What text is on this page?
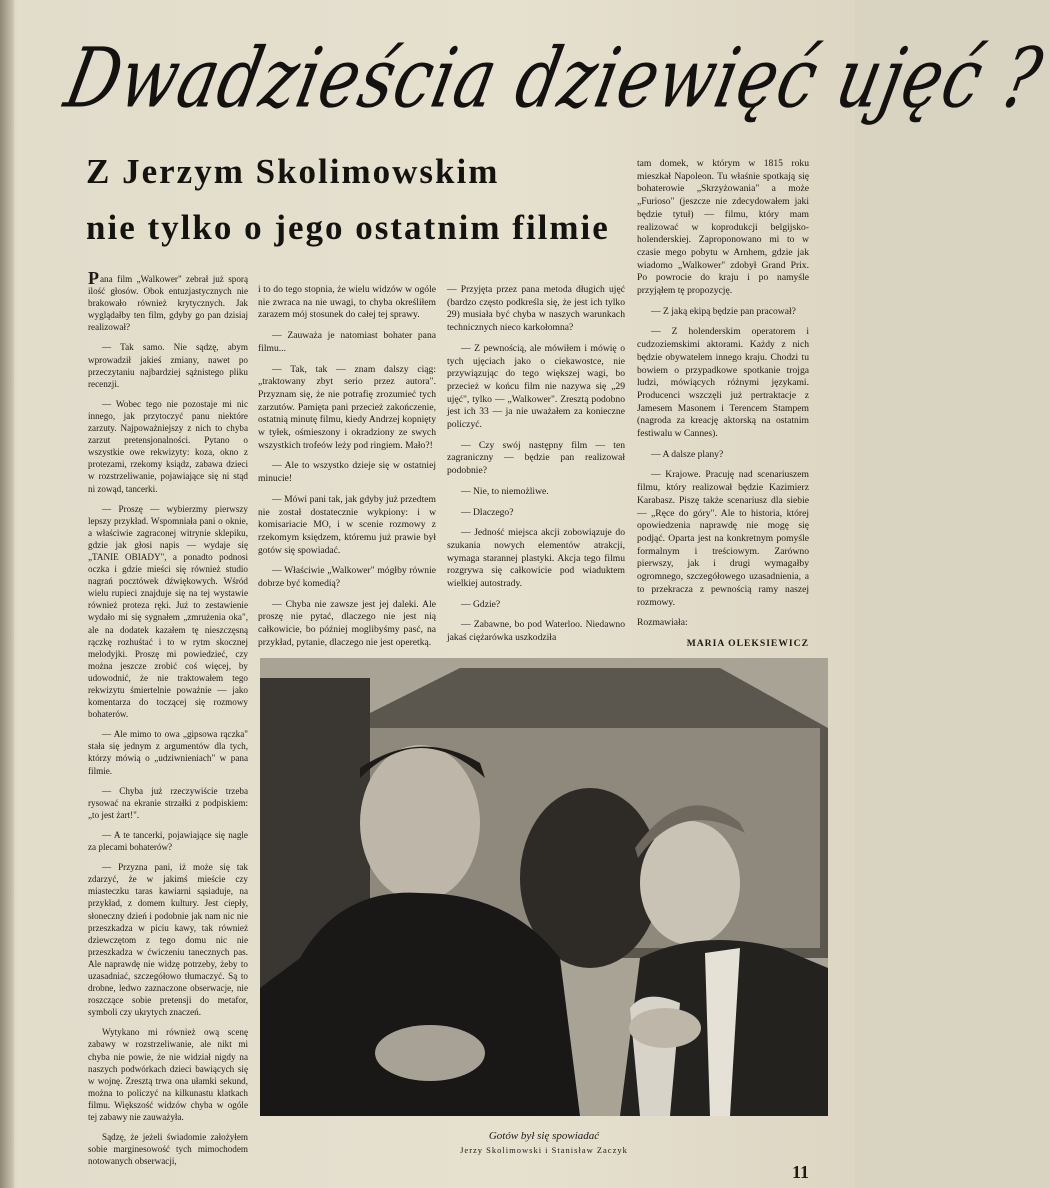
Dwadzieścia dziewięć ujęć ?
Z Jerzym Skolimowskim
nie tylko o jego ostatnim filmie

Pana film „Walkower" zebrał już sporą ilość głosów. Obok entuzjastycznych nie brakowało również krytycznych. Jak wyglądałby ten film, gdyby go pan dzisiaj realizował?

— Tak samo. Nie sądzę, abym wprowadził jakieś zmiany, nawet po przeczytaniu najbardziej sążnistego pliku recenzji.

— Wobec tego nie pozostaje mi nic innego, jak przytoczyć panu niektóre zarzuty. Najpoważniejszy z nich to chyba zarzut pretensjonalności. Pytano o wszystkie owe rekwizyty: koza, okno z protezami, rzekomy ksiądz, zabawa dzieci w rozstrzeliwanie, pojawiające się ni stąd ni zowąd, tancerki.

— Proszę — wybierzmy pierwszy lepszy przykład. Wspomniała pani o oknie, a właściwie zagraconej witrynie sklepiku, gdzie jak głosi napis — wydaje się „TANIE OBIADY", a ponadto podnosi oczka i gdzie mieści się również studio nagrań pocztówek dźwiękowych. Wśród wielu rupieci znajduje się na tej wystawie również proteza ręki. Już to zestawienie wydało mi się sygnałem „zmrużenia oka", ale na dodatek kazałem tę nieszczęsną rączkę rozhuśtać i to w rytm skocznej melodyjki. Proszę mi powiedzieć, czy można jeszcze zrobić coś więcej, by udowodnić, że nie traktowałem tego rekwizytu śmiertelnie poważnie — jako komentarza do toczącej się rozmowy bohaterów.

— Ale mimo to owa „gipsowa rączka" stała się jednym z argumentów dla tych, którzy mówią o „udziwnieniach" w pana filmie.

— Chyba już rzeczywiście trzeba rysować na ekranie strzałki z podpiskiem: „to jest żart!".

— A te tancerki, pojawiające się nagle za plecami bohaterów?

— Przyzna pani, iż może się tak zdarzyć, że w jakimś mieście czy miasteczku taras kawiarni sąsiaduje, na przykład, z domem kultury. Jest ciepły, słoneczny dzień i podobnie jak nam nic nie przeszkadza w piciu kawy, tak również dziewczętom z tego domu nic nie przeszkadza w ćwiczeniu tanecznych pas. Ale naprawdę nie widzę potrzeby, żeby to uzasadniać, szczegółowo tłumaczyć. Są to drobne, ledwo zaznaczone obserwacje, nie roszczące sobie pretensji do metafor, symboli czy ukrytych znaczeń.

Wytykano mi również ową scenę zabawy w rozstrzeliwanie, ale nikt mi chyba nie powie, że nie widział nigdy na naszych podwórkach dzieci bawiących się w wojnę. Zresztą trwa ona ułamki sekund, można to policzyć na kilkunastu klatkach filmu. Większość widzów chyba w ogóle tej zabawy nie zauważyła.

Sądzę, że jeżeli świadomie założyłem sobie marginesowość tych mimochodem notowanych obserwacji,

i to do tego stopnia, że wielu widzów w ogóle nie zwraca na nie uwagi, to chyba określiłem zarazem mój stosunek do całej tej sprawy.

— Zauważa je natomiast bohater pana filmu...

— Tak, tak — znam dalszy ciąg: „traktowany zbyt serio przez autora". Przyznam się, że nie potrafię zrozumieć tych zarzutów. Pamięta pani przecież zakończenie, ostatnią minutę filmu, kiedy Andrzej kopnięty w tyłek, ośmieszony i okradziony ze swych wszystkich trofeów leży pod ringiem. Mało?!

— Ale to wszystko dzieje się w ostatniej minucie!

— Mówi pani tak, jak gdyby już przedtem nie został dostatecznie wykpiony: i w komisariacie MO, i w scenie rozmowy z rzekomym księdzem, któremu już prawie był gotów się spowiadać.

— Właściwie „Walkower" mógłby równie dobrze być komedią?

— Chyba nie zawsze jest jej daleki. Ale proszę nie pytać, dlaczego nie jest nią całkowicie, bo później moglibyśmy pasć, na przykład, pytanie, dlaczego nie jest operetką.

— Przyjęta przez pana metoda długich ujęć (bardzo często podkreśla się, że jest ich tylko 29) musiała być chyba w naszych warunkach technicznych nieco karkołomna?

— Z pewnością, ale mówiłem i mówię o tych ujęciach jako o ciekawostce, nie przywiązując do tego większej wagi, bo przecież w końcu film nie nazywa się „29 ujęć", tylko — „Walkower". Zresztą podobno jest ich 33 — ja nie uważałem za konieczne policzyć.

— Czy swój następny film — ten zagraniczny — będzie pan realizował podobnie?

— Nie, to niemożliwe.

— Dlaczego?

— Jedność miejsca akcji zobowiązuje do szukania nowych elementów atrakcji, wymaga starannej plastyki. Akcja tego filmu rozgrywa się całkowicie pod wiaduktem wielkiej autostrady.

— Gdzie?

— Zabawne, bo pod Waterloo. Niedawno jakaś ciężarówka uszkodziła

tam domek, w którym w 1815 roku mieszkał Napoleon. Tu właśnie spotkają się bohaterowie „Skrzyżowania" a może „Furioso" (jeszcze nie zdecydowałem jaki będzie tytuł) — filmu, który mam realizować w koprodukcji belgijsko-holenderskiej. Zaproponowano mi to w czasie mego pobytu w Arnhem, gdzie jak wiadomo „Walkower" zdobył Grand Prix. Po powrocie do kraju i po namyśle przyjąłem tę propozycję.

— Z jaką ekipą będzie pan pracował?

— Z holenderskim operatorem i cudzoziemskimi aktorami. Każdy z nich będzie obywatelem innego kraju. Chodzi tu bowiem o przypadkowe spotkanie trojga ludzi, mówiących różnymi językami. Producenci wszczęli już pertraktacje z Jamesem Masonem i Terencem Stampem (nagroda za kreację aktorską na ostatnim festiwalu w Cannes).

— A dalsze plany?

— Krajowe. Pracuję nad scenariuszem filmu, który realizował będzie Kazimierz Karabasz. Piszę także scenariusz dla siebie — „Ręce do góry". Ale to historia, której opowiedzenia naprawdę nie mogę się podjąć. Oparta jest na konkretnym pomyśle formalnym i treściowym. Zarówno pierwszy, jak i drugi wymagałby ogromnego, szczegółowego uzasadnienia, a to przekracza z pewnością ramy naszej rozmowy.

Rozmawiała:

MARIA OLEKSIEWICZ

Gotów był się spowiadać
Jerzy Skolimowski i Stanisław Zaczyk
11
